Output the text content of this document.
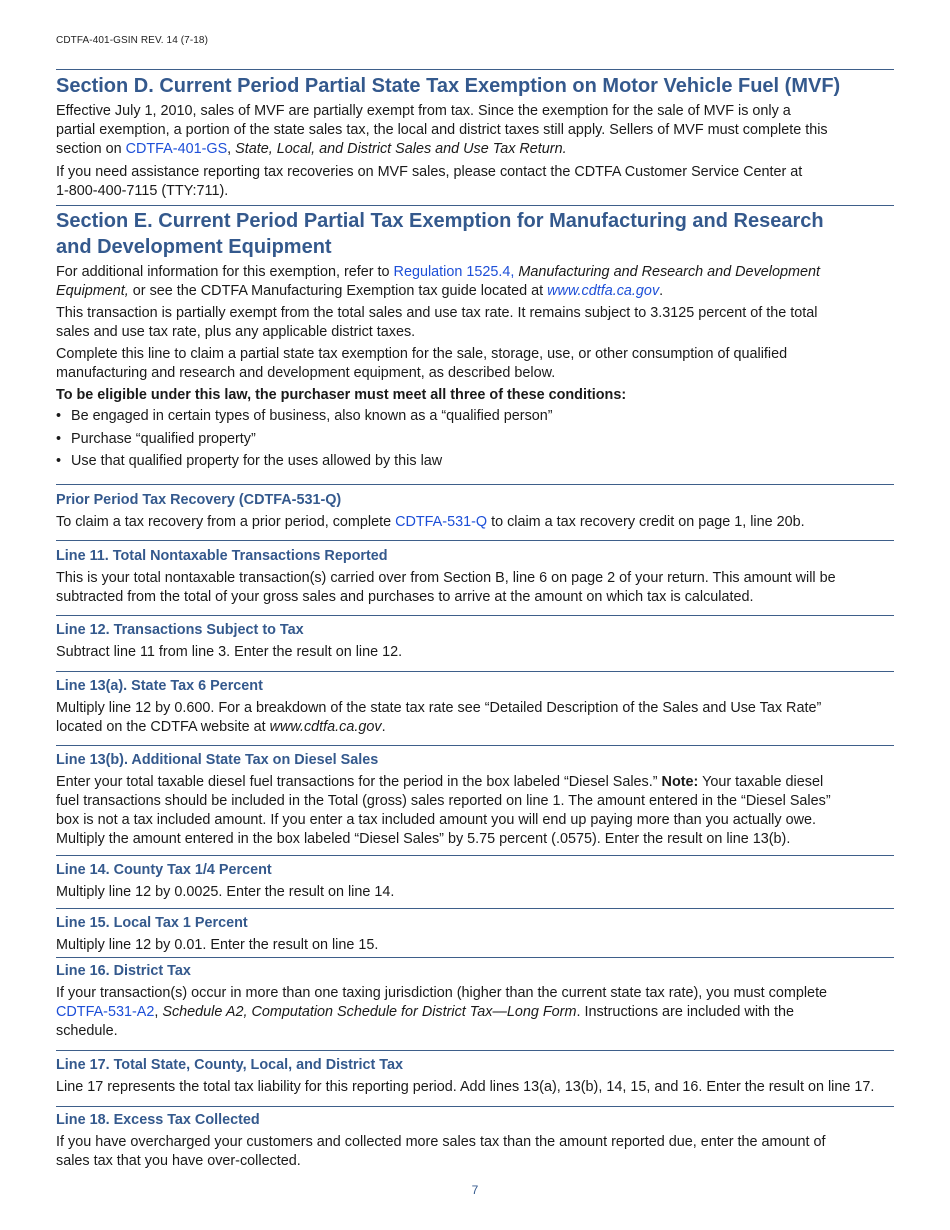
CDTFA-401-GSIN REV. 14 (7-18)
Section D. Current Period Partial State Tax Exemption on Motor Vehicle Fuel (MVF)

Effective July 1, 2010, sales of MVF are partially exempt from tax. Since the exemption for the sale of MVF is only a
partial exemption, a portion of the state sales tax, the local and district taxes still apply. Sellers of MVF must complete this
section on CDTFA-401-GS, State, Local, and District Sales and Use Tax Return.

If you need assistance reporting tax recoveries on MVF sales, please contact the CDTFA Customer Service Center at
1-800-400-7115 (TTY:711).

Section E. Current Period Partial Tax Exemption for Manufacturing and Research
and Development Equipment

For additional information for this exemption, refer to Regulation 1525.4, Manufacturing and Research and Development
Equipment, or see the CDTFA Manufacturing Exemption tax guide located at www.cdtfa.ca.gov.

This transaction is partially exempt from the total sales and use tax rate. It remains subject to 3.3125 percent of the total
sales and use tax rate, plus any applicable district taxes.

Complete this line to claim a partial state tax exemption for the sale, storage, use, or other consumption of qualified
manufacturing and research and development equipment, as described below.

To be eligible under this law, the purchaser must meet all three of these conditions:

• Be engaged in certain types of business, also known as a “qualified person”
• Purchase “qualified property”
• Use that qualified property for the uses allowed by this law
Prior Period Tax Recovery (CDTFA-531-Q)

To claim a tax recovery from a prior period, complete CDTFA-531-Q to claim a tax recovery credit on page 1, line 20b.

Line 11. Total Nontaxable Transactions Reported

This is your total nontaxable transaction(s) carried over from Section B, line 6 on page 2 of your return. This amount will be
subtracted from the total of your gross sales and purchases to arrive at the amount on which tax is calculated.

Line 12. Transactions Subject to Tax

Subtract line 11 from line 3. Enter the result on line 12.

Line 13(a). State Tax 6 Percent

Multiply line 12 by 0.600. For a breakdown of the state tax rate see “Detailed Description of the Sales and Use Tax Rate”
located on the CDTFA website at www.cdtfa.ca.gov.

Line 13(b). Additional State Tax on Diesel Sales

Enter your total taxable diesel fuel transactions for the period in the box labeled “Diesel Sales.” Note: Your taxable diesel
fuel transactions should be included in the Total (gross) sales reported on line 1. The amount entered in the “Diesel Sales”
box is not a tax included amount. If you enter a tax included amount you will end up paying more than you actually owe.
Multiply the amount entered in the box labeled “Diesel Sales” by 5.75 percent (.0575). Enter the result on line 13(b).

Line 14. County Tax 1/4 Percent

Multiply line 12 by 0.0025. Enter the result on line 14.

Line 15. Local Tax 1 Percent

Multiply line 12 by 0.01. Enter the result on line 15.

Line 16. District Tax

If your transaction(s) occur in more than one taxing jurisdiction (higher than the current state tax rate), you must complete
CDTFA-531-A2, Schedule A2, Computation Schedule for District Tax—Long Form. Instructions are included with the
schedule.

Line 17. Total State, County, Local, and District Tax

Line 17 represents the total tax liability for this reporting period. Add lines 13(a), 13(b), 14, 15, and 16. Enter the result on line 17.

Line 18. Excess Tax Collected

If you have overcharged your customers and collected more sales tax than the amount reported due, enter the amount of
sales tax that you have over-collected.

7
